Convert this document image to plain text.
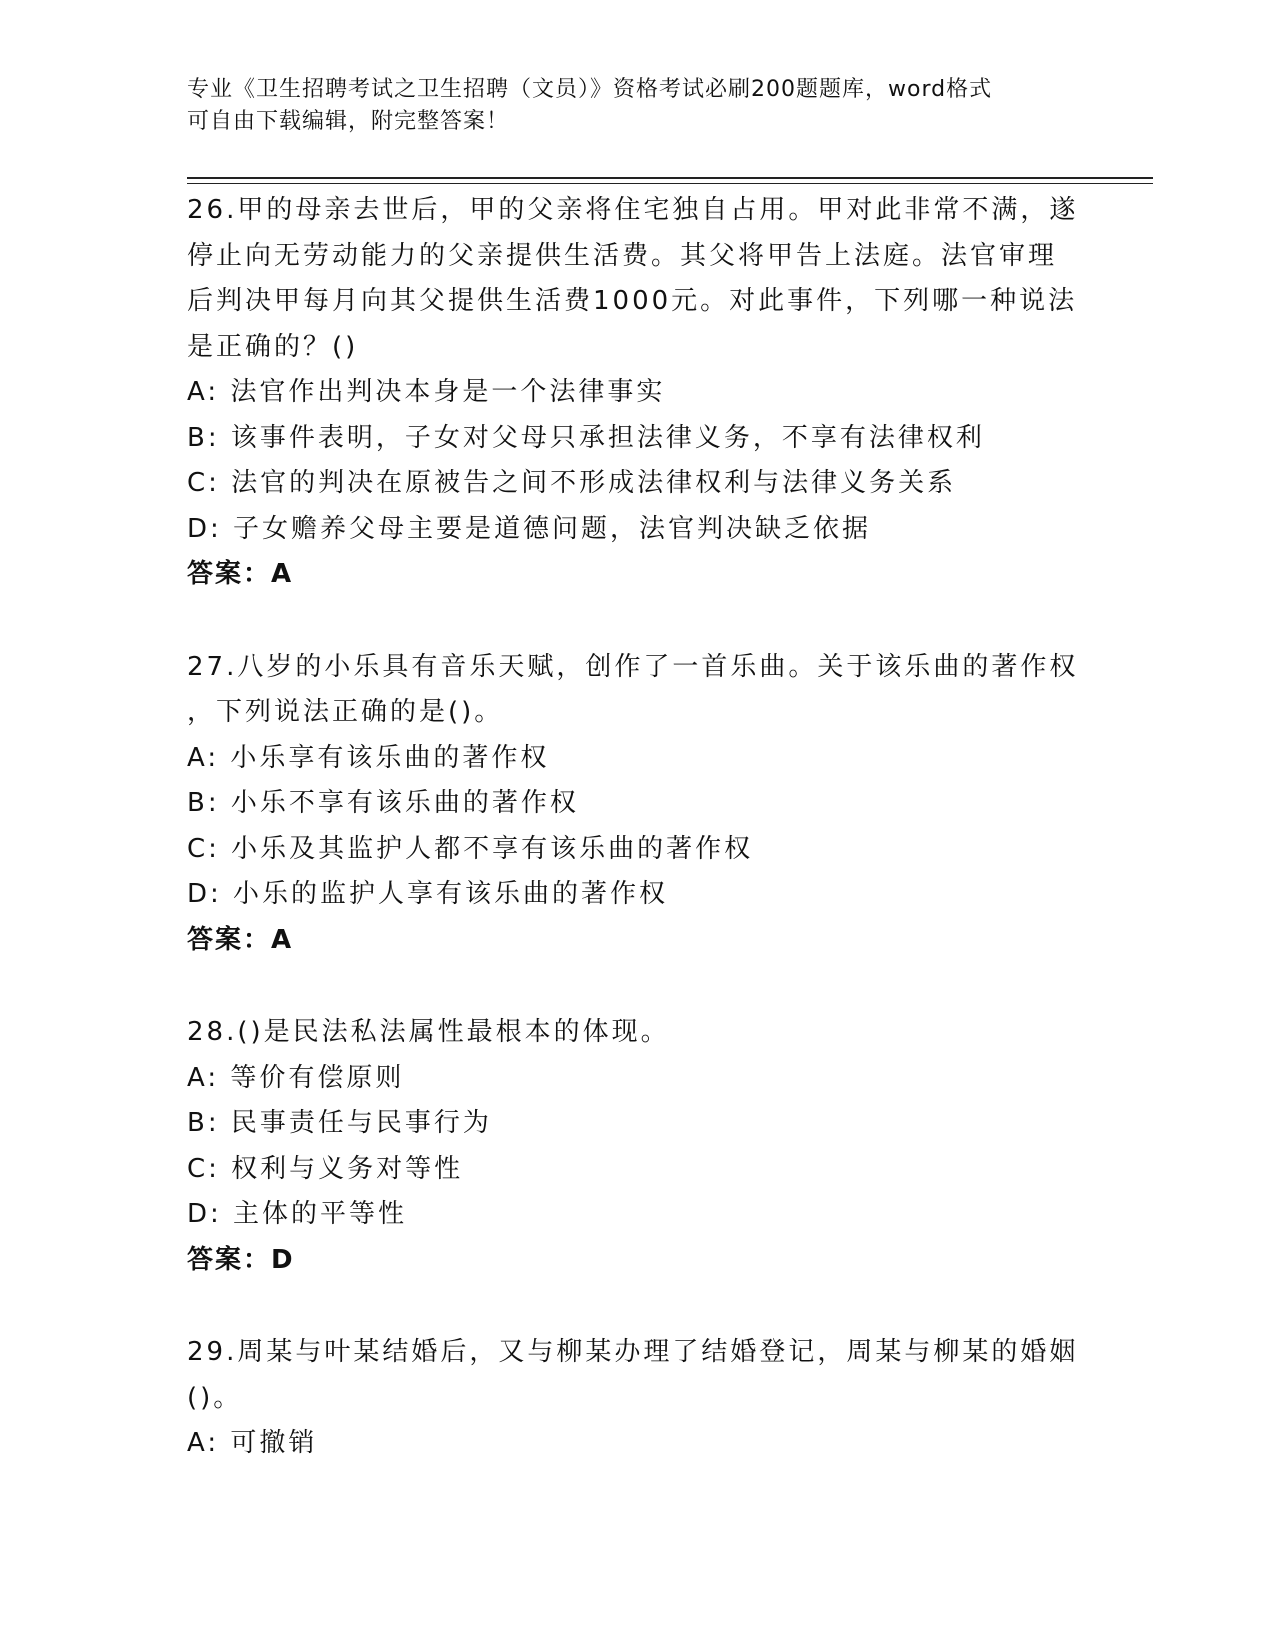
专业《卫生招聘考试之卫生招聘（文员）》资格考试必刷200题题库，word格式
可自由下载编辑，附完整答案！
26.甲的母亲去世后，甲的父亲将住宅独自占用。甲对此非常不满，遂
停止向无劳动能力的父亲提供生活费。其父将甲告上法庭。法官审理
后判决甲每月向其父提供生活费1000元。对此事件，下列哪一种说法
是正确的？()
A: 法官作出判决本身是一个法律事实
B: 该事件表明，子女对父母只承担法律义务，不享有法律权利
C: 法官的判决在原被告之间不形成法律权利与法律义务关系
D: 子女赡养父母主要是道德问题，法官判决缺乏依据
答案：A
27.八岁的小乐具有音乐天赋，创作了一首乐曲。关于该乐曲的著作权
，下列说法正确的是()。
A: 小乐享有该乐曲的著作权
B: 小乐不享有该乐曲的著作权
C: 小乐及其监护人都不享有该乐曲的著作权
D: 小乐的监护人享有该乐曲的著作权
答案：A
28.()是民法私法属性最根本的体现。
A: 等价有偿原则
B: 民事责任与民事行为
C: 权利与义务对等性
D: 主体的平等性
答案：D
29.周某与叶某结婚后，又与柳某办理了结婚登记，周某与柳某的婚姻
()。
A: 可撤销
